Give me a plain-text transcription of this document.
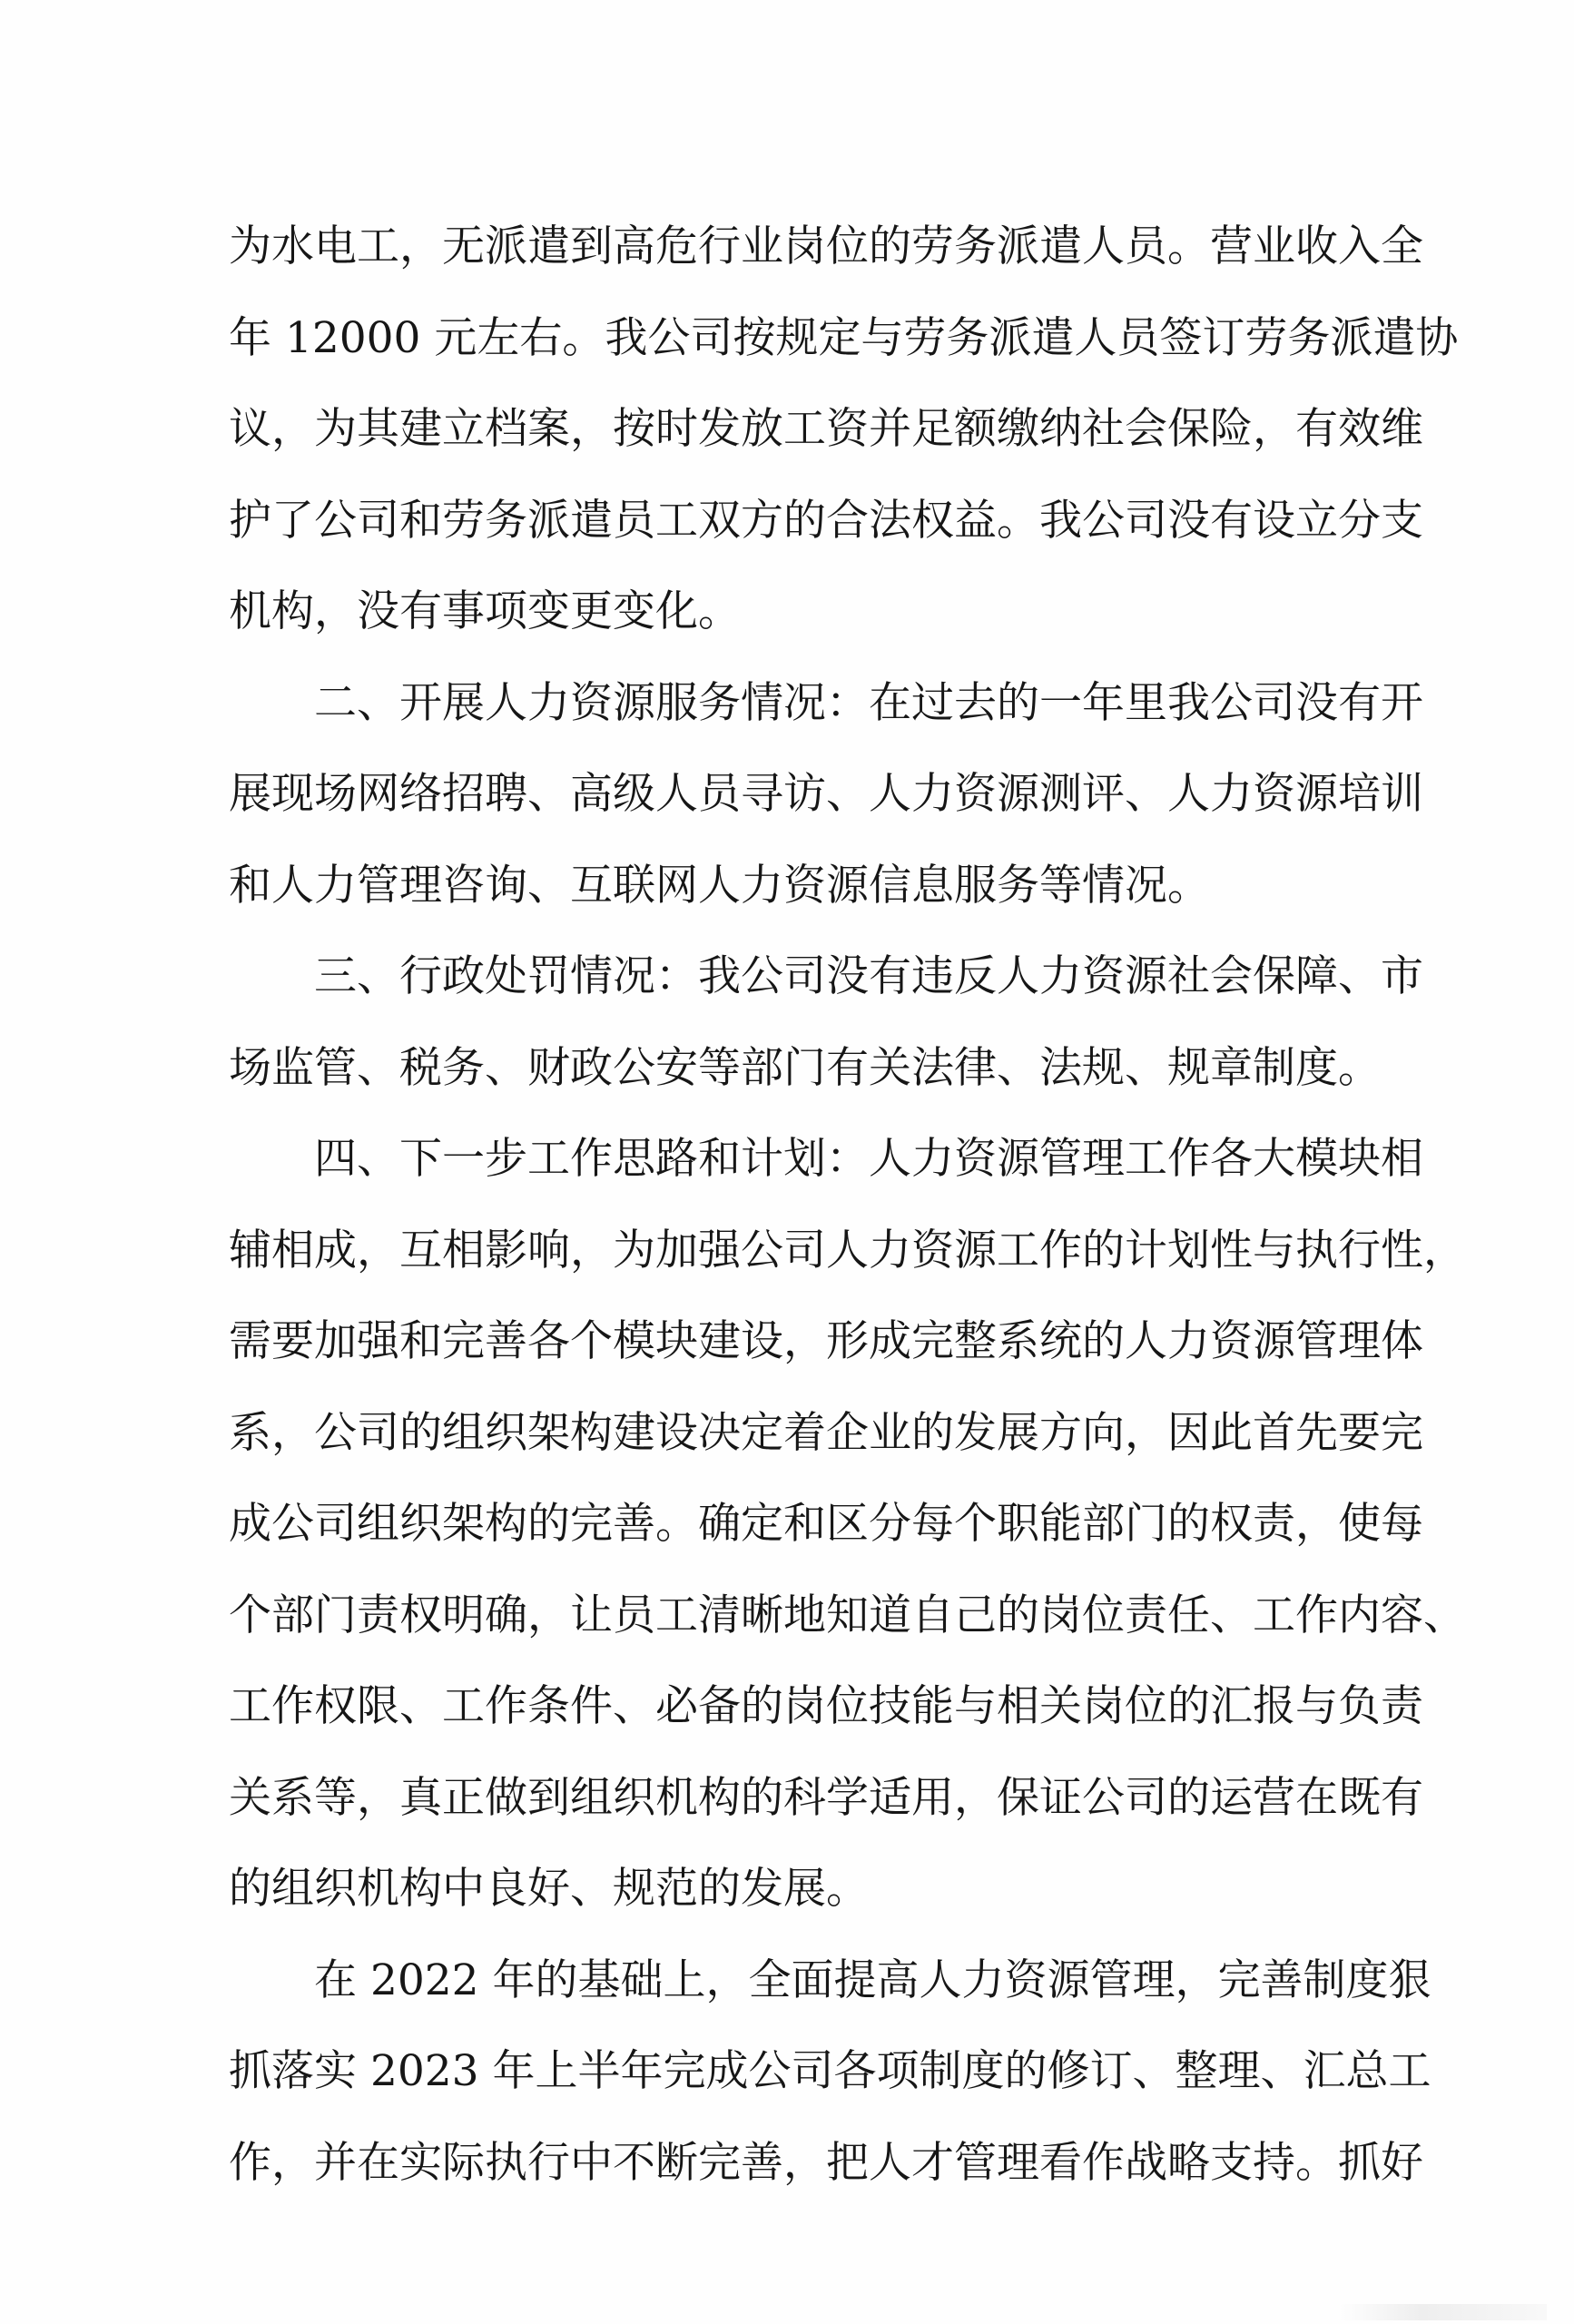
为水电工，无派遣到高危行业岗位的劳务派遣人员。营业收入全
年 12000 元左右。我公司按规定与劳务派遣人员签订劳务派遣协
议，为其建立档案，按时发放工资并足额缴纳社会保险，有效维
护了公司和劳务派遣员工双方的合法权益。我公司没有设立分支
机构，没有事项变更变化。
二、开展人力资源服务情况：在过去的一年里我公司没有开
展现场网络招聘、高级人员寻访、人力资源测评、人力资源培训
和人力管理咨询、互联网人力资源信息服务等情况。
三、行政处罚情况：我公司没有违反人力资源社会保障、市
场监管、税务、财政公安等部门有关法律、法规、规章制度。
四、下一步工作思路和计划：人力资源管理工作各大模块相
辅相成，互相影响，为加强公司人力资源工作的计划性与执行性，
需要加强和完善各个模块建设，形成完整系统的人力资源管理体
系，公司的组织架构建设决定着企业的发展方向，因此首先要完
成公司组织架构的完善。确定和区分每个职能部门的权责，使每
个部门责权明确，让员工清晰地知道自己的岗位责任、工作内容、
工作权限、工作条件、必备的岗位技能与相关岗位的汇报与负责
关系等，真正做到组织机构的科学适用，保证公司的运营在既有
的组织机构中良好、规范的发展。
在 2022 年的基础上，全面提高人力资源管理，完善制度狠
抓落实 2023 年上半年完成公司各项制度的修订、整理、汇总工
作，并在实际执行中不断完善，把人才管理看作战略支持。抓好
